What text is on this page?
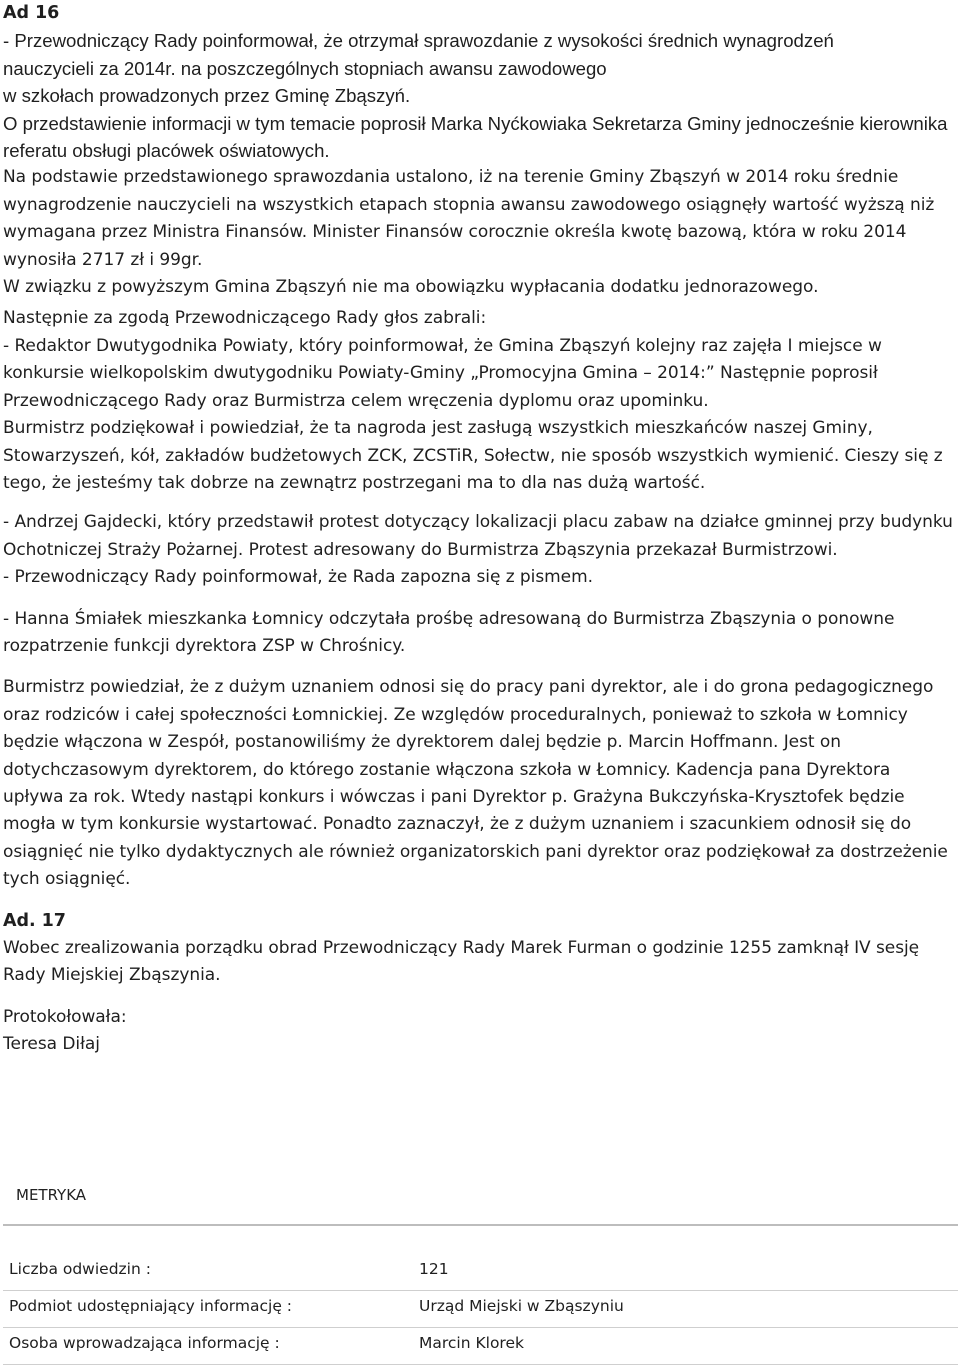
Ad 16

- Przewodniczący Rady poinformował, że otrzymał sprawozdanie z wysokości średnich wynagrodzeń

nauczycieli za 2014r. na poszczególnych stopniach awansu zawodowego

w szkołach prowadzonych przez Gminę Zbąszyń.

O przedstawienie informacji w tym temacie poprosił Marka Nyćkowiaka Sekretarza Gminy jednocześnie kierownika referatu obsługi placówek oświatowych.

Na podstawie przedstawionego sprawozdania ustalono, iż na terenie Gminy Zbąszyń w 2014 roku średnie wynagrodzenie nauczycieli na wszystkich etapach stopnia awansu zawodowego osiągnęły wartość wyższą niż wymagana przez Ministra Finansów. Minister Finansów corocznie określa kwotę bazową, która w roku 2014 wynosiła 2717 zł i 99gr.

W związku z powyższym Gmina Zbąszyń nie ma obowiązku wypłacania dodatku jednorazowego.

Następnie za zgodą Przewodniczącego Rady głos zabrali:

- Redaktor Dwutygodnika Powiaty, który poinformował, że Gmina Zbąszyń kolejny raz zajęła I miejsce w konkursie wielkopolskim dwutygodniku Powiaty-Gminy „Promocyjna Gmina – 2014:” Następnie poprosił Przewodniczącego Rady oraz Burmistrza celem wręczenia dyplomu oraz upominku.

Burmistrz podziękował i powiedział, że ta nagroda jest zasługą wszystkich mieszkańców naszej Gminy, Stowarzyszeń, kół, zakładów budżetowych ZCK, ZCSTiR, Sołectw, nie sposób wszystkich wymienić. Cieszy się z tego, że jesteśmy tak dobrze na zewnątrz postrzegani ma to dla nas dużą wartość.

- Andrzej Gajdecki, który przedstawił protest dotyczący lokalizacji placu zabaw na działce gminnej przy budynku Ochotniczej Straży Pożarnej. Protest adresowany do Burmistrza Zbąszynia przekazał Burmistrzowi.

- Przewodniczący Rady poinformował, że Rada zapozna się z pismem.

- Hanna Śmiałek mieszkanka Łomnicy odczytała prośbę adresowaną do Burmistrza Zbąszynia o ponowne rozpatrzenie funkcji dyrektora ZSP w Chrośnicy.

Burmistrz powiedział, że z dużym uznaniem odnosi się do pracy pani dyrektor, ale i do grona pedagogicznego oraz rodziców i całej społeczności Łomnickiej. Ze względów proceduralnych, ponieważ to szkoła w Łomnicy będzie włączona w Zespół, postanowiliśmy że dyrektorem dalej będzie p. Marcin Hoffmann. Jest on dotychczasowym dyrektorem, do którego zostanie włączona szkoła w Łomnicy. Kadencja pana Dyrektora upływa za rok. Wtedy nastąpi konkurs i wówczas i pani Dyrektor p. Grażyna Bukczyńska-Krysztofek będzie mogła w tym konkursie wystartować. Ponadto zaznaczył, że z dużym uznaniem i szacunkiem odnosił się do osiągnięć nie tylko dydaktycznych ale również organizatorskich pani dyrektor oraz podziękował za dostrzeżenie tych osiągnięć.

Ad. 17

Wobec zrealizowania porządku obrad Przewodniczący Rady Marek Furman o godzinie 1255 zamknął IV sesję Rady Miejskiej Zbąszynia.

Protokołowała:

Teresa Diłaj

METRYKA
Liczba odwiedzin :	121
Podmiot udostępniający informację :	Urząd Miejski w Zbąszyniu
Osoba wprowadzająca informację :	Marcin Klorek
